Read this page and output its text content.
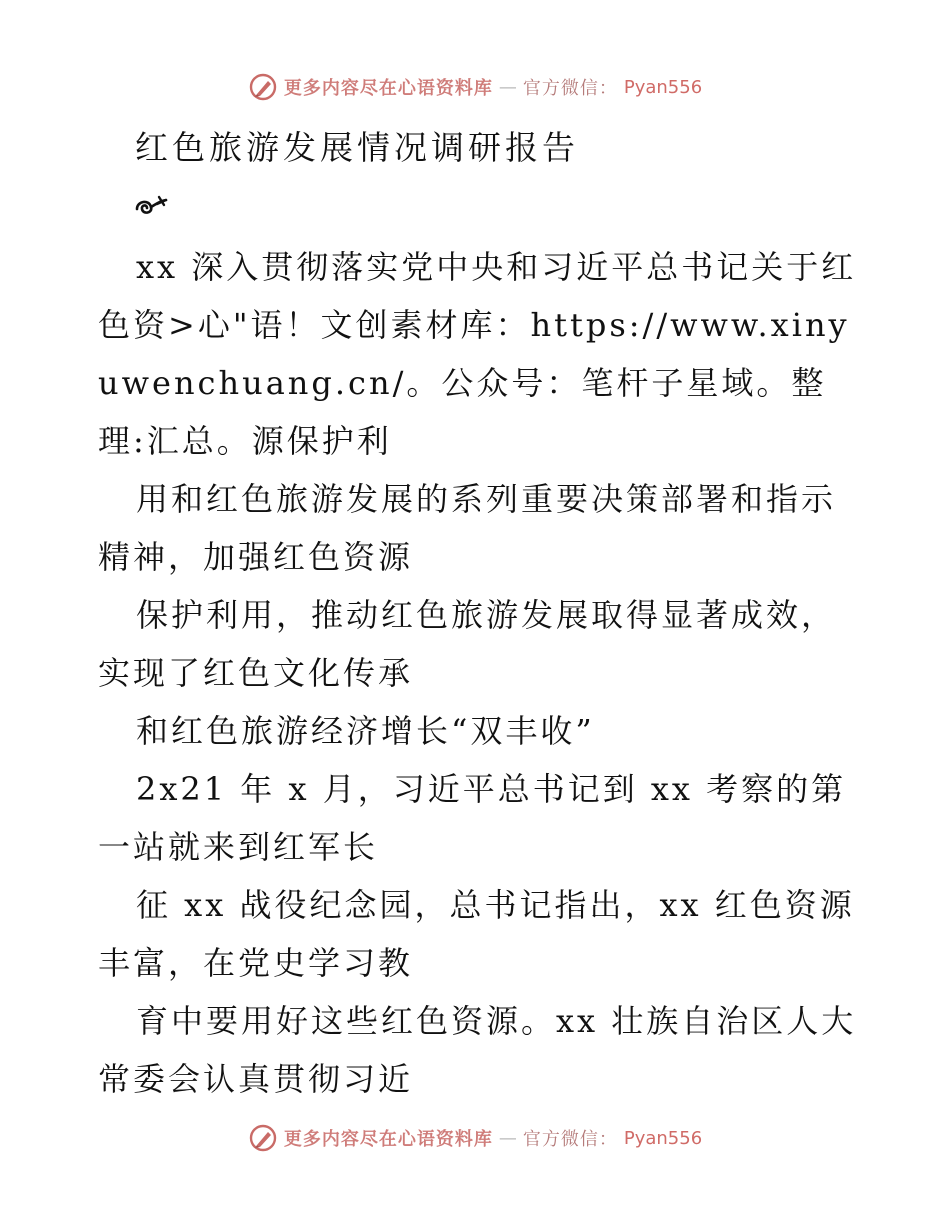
更多内容尽在心语资料库 — 官方微信： Pyan556
红色旅游发展情况调研报告

xx 深入贯彻落实党中央和习近平总书记关于红色资>心"语！文创素材库：https://www.xinyuwenchuang.cn/。公众号：笔杆子星域。整理:汇总。源保护利

用和红色旅游发展的系列重要决策部署和指示精神，加强红色资源

保护利用，推动红色旅游发展取得显著成效，实现了红色文化传承

和红色旅游经济增长“双丰收”

2x21 年 x 月，习近平总书记到 xx 考察的第一站就来到红军长

征 xx 战役纪念园，总书记指出，xx 红色资源丰富，在党史学习教

育中要用好这些红色资源。xx 壮族自治区人大常委会认真贯彻习近

更多内容尽在心语资料库 — 官方微信： Pyan556
